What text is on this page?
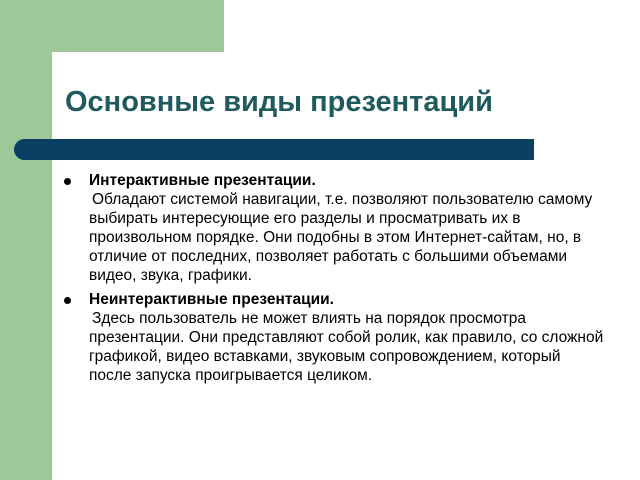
Основные виды презентаций
Интерактивные презентации.
Обладают системой навигации, т.е. позволяют пользователю самому выбирать интересующие его разделы и просматривать их в произвольном порядке. Они подобны в этом Интернет-сайтам, но, в отличие от последних, позволяет работать с большими объемами видео, звука, графики.
Неинтерактивные презентации.
Здесь пользователь не может влиять на порядок просмотра презентации. Они представляют собой ролик, как правило, со сложной графикой, видео вставками, звуковым сопровождением, который после запуска проигрывается целиком.
